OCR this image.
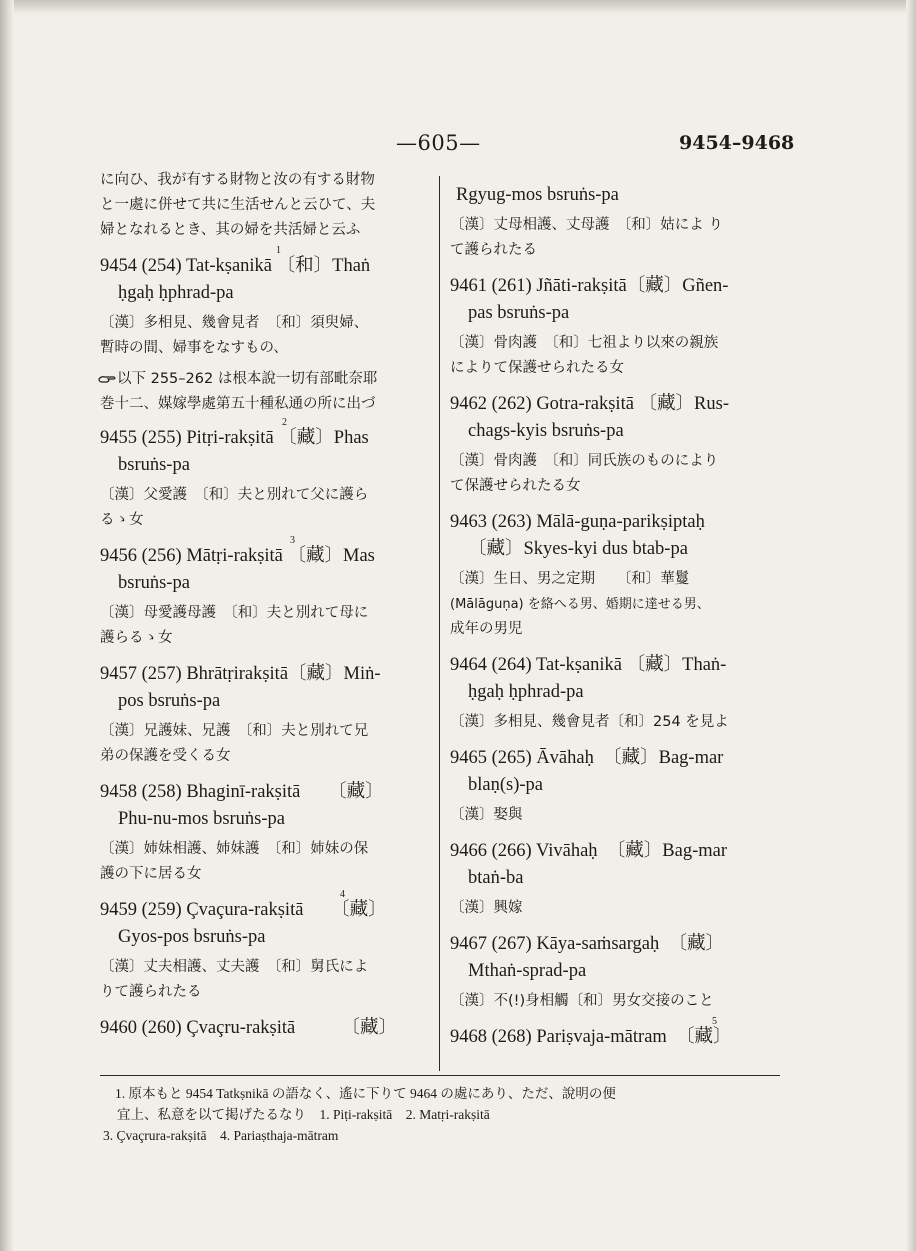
—605—	9454–9468

に向ひ、我が有する財物と汝の有する財物

と一處に併せて共に生活せんと云ひて、夫

婦となれるとき、其の婦を共活婦と云ふ

1

9454 (254) Tat-kṣanikā 〔和〕Thaṅ

ḥgaḥ ḥphrad-pa

〔漢〕多相見、幾會見者　〔和〕須臾婦、

暫時の間、婦事をなすもの、

以下 255–262 は根本說一切有部毗奈耶

巻十二、媒嫁學處第五十種私通の所に出づ

2

9455 (255) Pitṛi-rakṣitā 〔藏〕Phas

bsruṅs-pa

〔漢〕父愛護　〔和〕夫と別れて父に護ら

るゝ女

3

9456 (256) Mātṛi-rakṣitā 〔藏〕Mas

bsruṅs-pa

〔漢〕母愛護母護　〔和〕夫と別れて母に

護らるゝ女

9457 (257) Bhrātṛirakṣitā〔藏〕Miṅ-

pos bsruṅs-pa

〔漢〕兄護妹、兄護　〔和〕夫と別れて兄

弟の保護を受くる女

9458 (258) Bhaginī-rakṣitā　　〔藏〕

Phu-nu-mos bsruṅs-pa

〔漢〕姉妹相護、姉妹護　〔和〕姉妹の保

護の下に居る女

4

9459 (259) Çvaçura-rakṣitā　　〔藏〕

Gyos-pos bsruṅs-pa

〔漢〕丈夫相護、丈夫護　〔和〕舅氏によ

りて護られたる

9460 (260) Çvaçru-rakṣitā　　　〔藏〕

Rgyug-mos bsruṅs-pa

〔漢〕丈母相護、丈母護　〔和〕姑によ り

て護られたる

9461 (261) Jñāti-rakṣitā〔藏〕Gñen-

pas bsruṅs-pa

〔漢〕骨肉護　〔和〕七祖より以來の親族

によりて保護せられたる女

9462 (262) Gotra-rakṣitā 〔藏〕Rus-

chags-kyis bsruṅs-pa

〔漢〕骨肉護　〔和〕同氏族のものにより

て保護せられたる女

9463 (263) Mālā-guṇa-parikṣiptaḥ

〔藏〕Skyes-kyi dus btab-pa

〔漢〕生日、男之定期　　〔和〕華鬘

(Mālāguṇa) を絡へる男、婚期に達せる男、

成年の男児

9464 (264) Tat-kṣanikā 〔藏〕Thaṅ-

ḥgaḥ ḥphrad-pa

〔漢〕多相見、幾會見者〔和〕254 を見よ

9465 (265) Āvāhaḥ　〔藏〕Bag-mar

blaṇ(s)-pa

〔漢〕娶與

9466 (266) Vivāhaḥ　〔藏〕Bag-mar

btaṅ-ba

〔漢〕興嫁

9467 (267) Kāya-saṁsargaḥ　〔藏〕

Mthaṅ-sprad-pa

〔漢〕不(!)身相觸〔和〕男女交接のこと

5

9468 (268) Pariṣvaja-mātram　〔藏〕

1. 原本もと 9454 Tatkṣnikā の語なく、遙に下りて 9464 の處にあり、ただ、說明の便

宜上、私意を以て掲げたるなり　1. Piṭi-rakṣitā　2. Matṛi-rakṣitā

3. Çvaçrura-rakṣitā　4. Pariaṣthaja-mātram
